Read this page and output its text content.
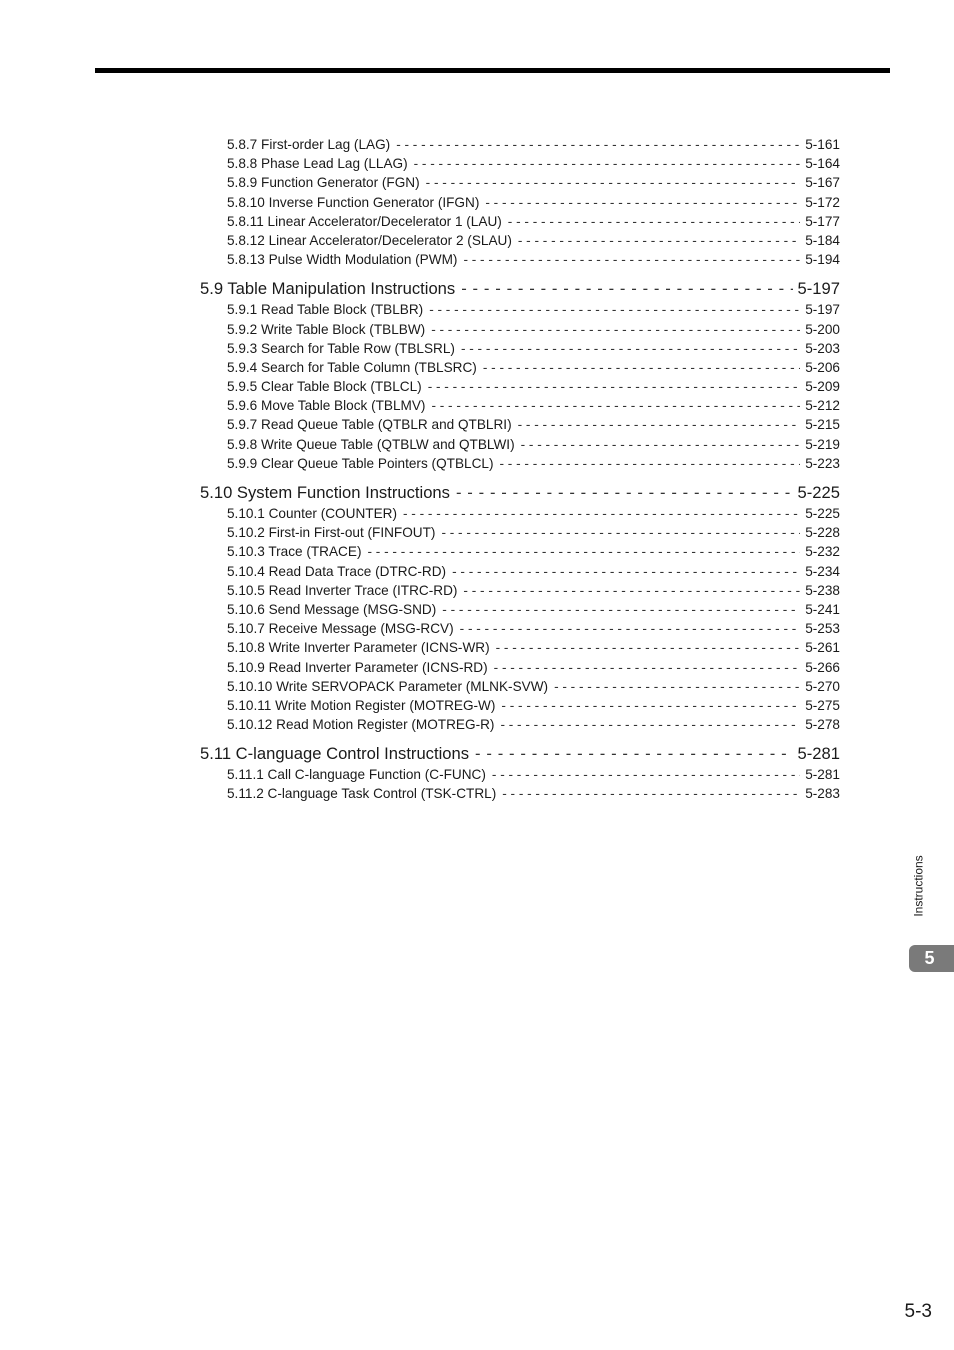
5.8.7 First-order Lag (LAG) - - -	5-161
5.8.8 Phase Lead Lag (LLAG) - - -	5-164
5.8.9 Function Generator (FGN) - - -	5-167
5.8.10 Inverse Function Generator (IFGN) - - -	5-172
5.8.11 Linear Accelerator/Decelerator 1 (LAU) - - -	5-177
5.8.12 Linear Accelerator/Decelerator 2 (SLAU) - - -	5-184
5.8.13 Pulse Width Modulation (PWM) - - -	5-194
5.9 Table Manipulation Instructions - - -	5-197
5.9.1 Read Table Block (TBLBR) - - -	5-197
5.9.2 Write Table Block (TBLBW) - - -	5-200
5.9.3 Search for Table Row (TBLSRL) - - -	5-203
5.9.4 Search for Table Column (TBLSRC) - - -	5-206
5.9.5 Clear Table Block (TBLCL) - - -	5-209
5.9.6 Move Table Block (TBLMV) - - -	5-212
5.9.7 Read Queue Table (QTBLR and QTBLRI) - - -	5-215
5.9.8 Write Queue Table (QTBLW and QTBLWI) - - -	5-219
5.9.9 Clear Queue Table Pointers (QTBLCL) - - -	5-223
5.10 System Function Instructions - - -	5-225
5.10.1 Counter (COUNTER) - - -	5-225
5.10.2 First-in First-out (FINFOUT) - - -	5-228
5.10.3 Trace (TRACE) - - -	5-232
5.10.4 Read Data Trace (DTRC-RD) - - -	5-234
5.10.5 Read Inverter Trace (ITRC-RD) - - -	5-238
5.10.6 Send Message (MSG-SND) - - -	5-241
5.10.7 Receive Message (MSG-RCV) - - -	5-253
5.10.8 Write Inverter Parameter (ICNS-WR) - - -	5-261
5.10.9 Read Inverter Parameter (ICNS-RD) - - -	5-266
5.10.10 Write SERVOPACK Parameter (MLNK-SVW) - - -	5-270
5.10.11 Write Motion Register (MOTREG-W) - - -	5-275
5.10.12 Read Motion Register (MOTREG-R) - - -	5-278
5.11 C-language Control Instructions - - -	5-281
5.11.1 Call C-language Function (C-FUNC) - - -	5-281
5.11.2 C-language Task Control (TSK-CTRL) - - -	5-283
Instructions
5
5-3
